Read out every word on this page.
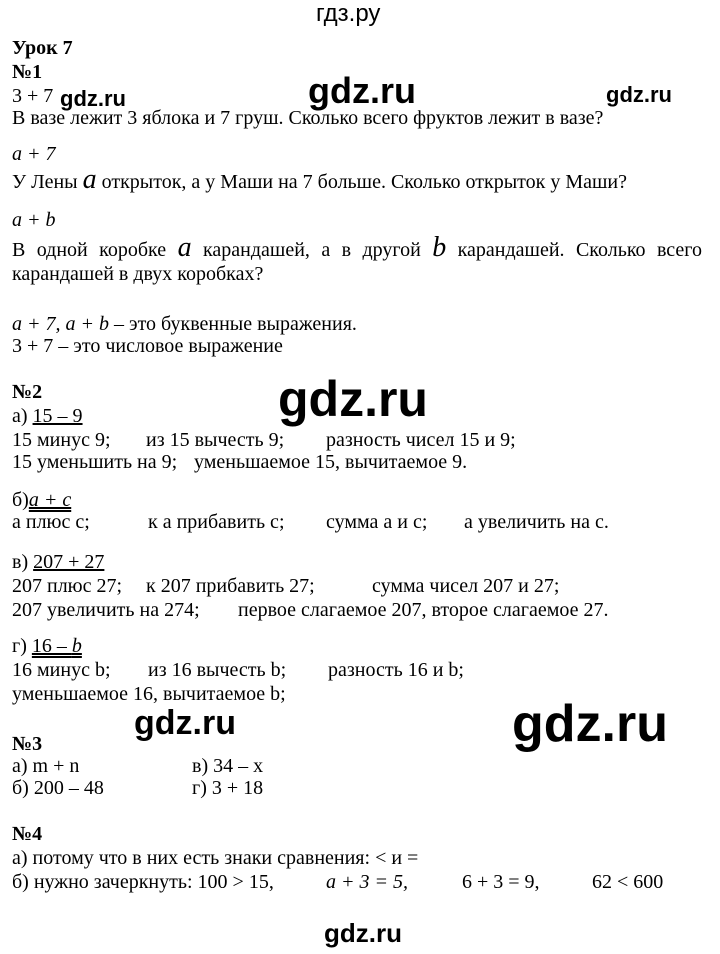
гдз.ру
gdz.ru	gdz.ru	gdz.ru
gdz.ru
gdz.ru	gdz.ru
gdz.ru
Урок 7
№1
3 + 7
В вазе лежит 3 яблока и 7 груш. Сколько всего фруктов лежит в вазе?
a + 7
У Лены a открыток, а у Маши на 7 больше. Сколько открыток у Маши?
a + b
В одной коробке a карандашей, а в другой b карандашей. Сколько всего карандашей в двух коробках?
a + 7, a + b – это буквенные выражения.
3 + 7 – это числовое выражение
№2
а) 15 – 9
15 минус 9; из 15 вычесть 9; разность чисел 15 и 9;
15 уменьшить на 9; уменьшаемое 15, вычитаемое 9.
б)a + c
а плюс с;	к а прибавить с; сумма а и с; а увеличить на с.
в) 207 + 27
207 плюс 27; к 207 прибавить 27;	сумма чисел 207 и 27;
207 увеличить на 274; первое слагаемое 207, второе слагаемое 27.
г) 16 – b
16 минус b; из 16 вычесть b; разность 16 и b;
уменьшаемое 16, вычитаемое b;
№3
а) m + n	в) 34 – x
б) 200 – 48	г) 3 + 18
№4
а) потому что в них есть знаки сравнения: < и =
б) нужно зачеркнуть: 100 > 15,	a + 3 = 5,	6 + 3 = 9,	62 < 600
